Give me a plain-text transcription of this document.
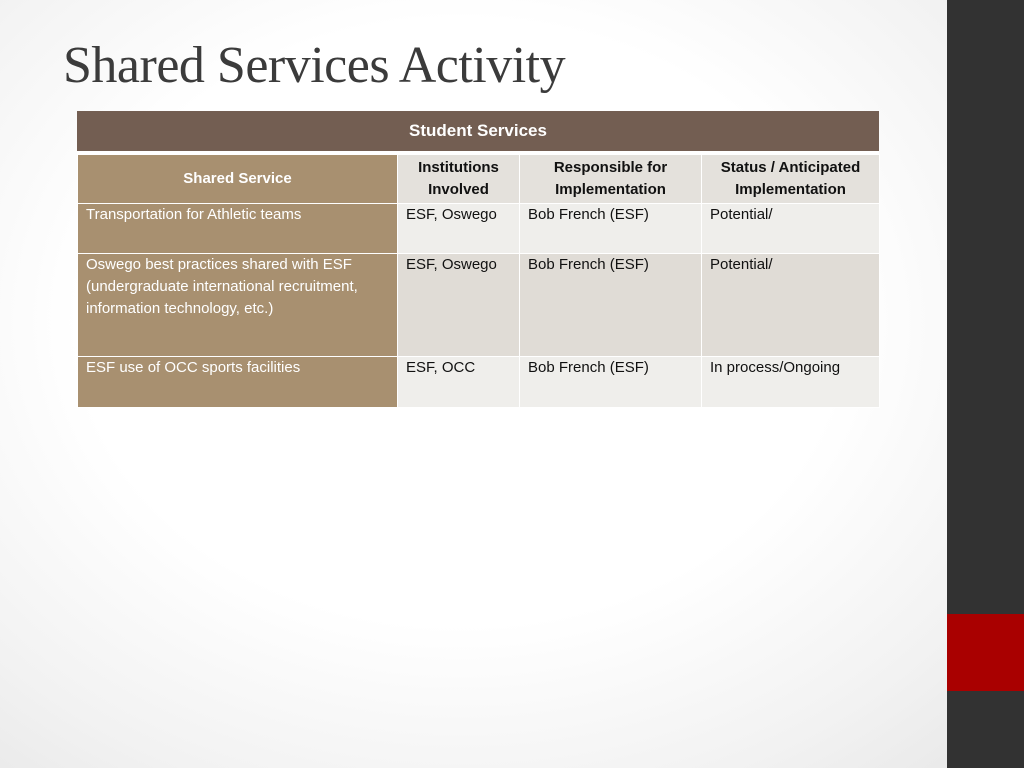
Shared Services Activity
Student Services
Shared Service	Institutions Involved	Responsible for Implementation	Status / Anticipated Implementation
Transportation for Athletic teams	ESF, Oswego	Bob French (ESF)	Potential/
Oswego best practices shared with ESF (undergraduate international recruitment, information technology, etc.)	ESF, Oswego	Bob French (ESF)	Potential/
ESF use of OCC sports facilities	ESF, OCC	Bob French (ESF)	In process/Ongoing
